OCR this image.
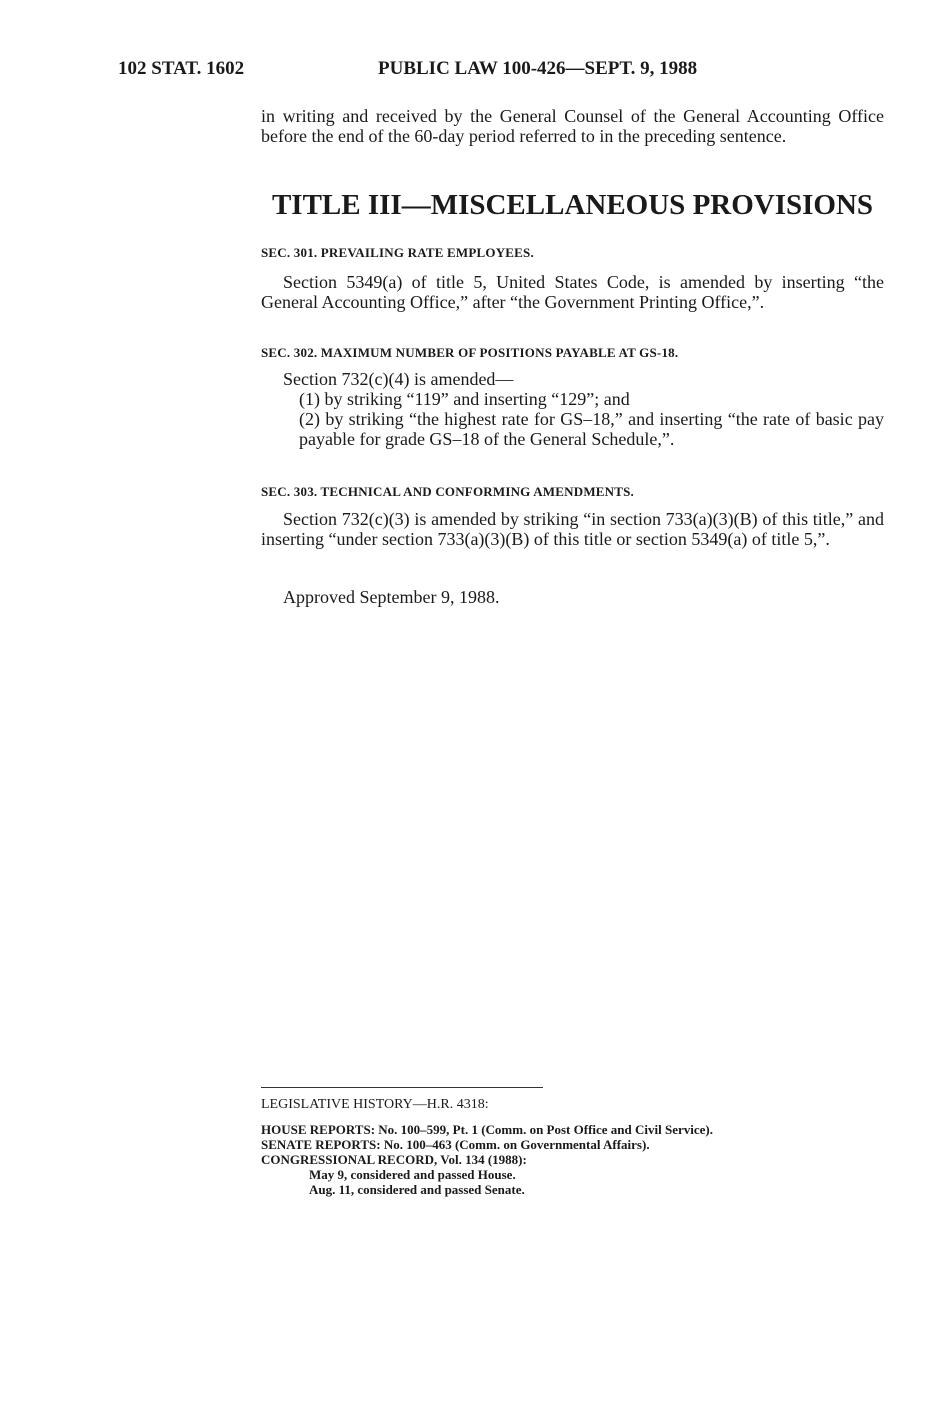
102 STAT. 1602	PUBLIC LAW 100-426—SEPT. 9, 1988

in writing and received by the General Counsel of the General Accounting Office before the end of the 60-day period referred to in the preceding sentence.

TITLE III—MISCELLANEOUS PROVISIONS
SEC. 301. PREVAILING RATE EMPLOYEES.

Section 5349(a) of title 5, United States Code, is amended by inserting “the General Accounting Office,” after “the Government Printing Office,”.

SEC. 302. MAXIMUM NUMBER OF POSITIONS PAYABLE AT GS-18.

Section 732(c)(4) is amended—

(1) by striking “119” and inserting “129”; and

(2) by striking “the highest rate for GS–18,” and inserting “the rate of basic pay payable for grade GS–18 of the General Schedule,”.

SEC. 303. TECHNICAL AND CONFORMING AMENDMENTS.

Section 732(c)(3) is amended by striking “in section 733(a)(3)(B) of this title,” and inserting “under section 733(a)(3)(B) of this title or section 5349(a) of title 5,”.

Approved September 9, 1988.
LEGISLATIVE HISTORY—H.R. 4318:
HOUSE REPORTS: No. 100–599, Pt. 1 (Comm. on Post Office and Civil Service).
SENATE REPORTS: No. 100–463 (Comm. on Governmental Affairs).
CONGRESSIONAL RECORD, Vol. 134 (1988):
May 9, considered and passed House.
Aug. 11, considered and passed Senate.
